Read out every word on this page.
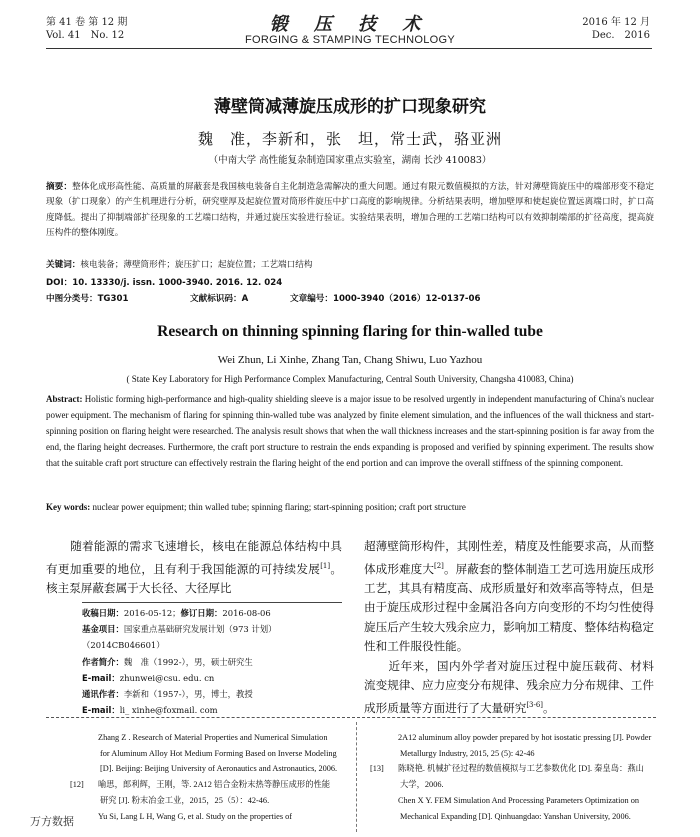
第 41 卷 第 12 期
Vol. 41　No. 12
锻 压 技 术
FORGING & STAMPING TECHNOLOGY
2016 年 12 月
Dec.　2016
薄壁筒减薄旋压成形的扩口现象研究
魏　准，李新和，张　坦，常士武，骆亚洲
（中南大学 高性能复杂制造国家重点实验室，湖南 长沙 410083）
摘要：整体化成形高性能、高质量的屏蔽套是我国核电装备自主化制造急需解决的重大问题。通过有限元数值模拟的方法，针对薄壁筒旋压中的端部形变不稳定现象（扩口现象）的产生机理进行分析，研究壁厚及起旋位置对筒形件旋压中扩口高度的影响规律。分析结果表明，增加壁厚和使起旋位置远离端口时，扩口高度降低。提出了抑制端部扩径现象的工艺端口结构，并通过旋压实验进行验证。实验结果表明，增加合理的工艺端口结构可以有效抑制端部的扩径高度，提高旋压构件的整体刚度。
关键词：核电装备；薄壁筒形件；旋压扩口；起旋位置；工艺端口结构
DOI：10. 13330/j. issn. 1000-3940. 2016. 12. 024
中图分类号：TG301	文献标识码：A	文章编号：1000-3940（2016）12-0137-06
Research on thinning spinning flaring for thin-walled tube
Wei Zhun, Li Xinhe, Zhang Tan, Chang Shiwu, Luo Yazhou
( State Key Laboratory for High Performance Complex Manufacturing, Central South University, Changsha 410083, China)
Abstract: Holistic forming high-performance and high-quality shielding sleeve is a major issue to be resolved urgently in independent manufacturing of China's nuclear power equipment. The mechanism of flaring for spinning thin-walled tube was analyzed by finite element simulation, and the influences of the wall thickness and start-spinning position on flaring height were researched. The analysis result shows that when the wall thickness increases and the start-spinning position is far away from the end, the flaring height decreases. Furthermore, the craft port structure to restrain the ends expanding is proposed and verified by spinning experiment. The results show that the suitable craft port structure can effectively restrain the flaring height of the end portion and can improve the overall stiffness of the spinning component.
Key words: nuclear power equipment; thin walled tube; spinning flaring; start-spinning position; craft port structure
随着能源的需求飞速增长，核电在能源总体结构中具有更加重要的地位，且有利于我国能源的可持续发展[1]。核主泵屏蔽套属于大长径、大径厚比
超薄壁筒形构件，其刚性差，精度及性能要求高，从而整体成形难度大[2]。屏蔽套的整体制造工艺可选用旋压成形工艺，其具有精度高、成形质量好和效率高等特点，但是由于旋压成形过程中金属沿各向方向变形的不均匀性使得旋压后产生较大残余应力，影响加工精度、整体结构稳定性和工件服役性能。
近年来，国内外学者对旋压过程中旋压载荷、材料流变规律、应力应变分布规律、残余应力分布规律、工件成形质量等方面进行了大量研究[3-6]。
收稿日期：2016-05-12；修订日期：2016-08-06
基金项目：国家重点基础研究发展计划（973 计划）（2014CB046601）
作者简介：魏　准（1992-），男，硕士研究生
E-mail：zhunwei@csu. edu. cn
通讯作者：李新和（1957-），男，博士，教授
E-mail：li_ xinhe@foxmail. com
Zhang Z . Research of Material Properties and Numerical Simulation for Aluminum Alloy Hot Medium Forming Based on Inverse Modeling [D]. Beijing: Beijing University of Aeronautics and Astronautics, 2006.
[12] 喻思，郎利辉，王刚，等. 2A12 铝合金粉末热等静压成形的性能研究 [J]. 粉末冶金工业，2015，25（5）：42-46.
Yu Si, Lang L H, Wang G, et al. Study on the properties of
2A12 aluminum alloy powder prepared by hot isostatic pressing [J]. Powder Metallurgy Industry, 2015, 25 (5): 42-46
[13] 陈晓艳. 机械扩径过程的数值模拟与工艺参数优化 [D]. 秦皇岛：燕山大学，2006.
Chen X Y. FEM Simulation And Processing Parameters Optimization on Mechanical Expanding [D]. Qinhuangdao: Yanshan University, 2006.
万方数据
